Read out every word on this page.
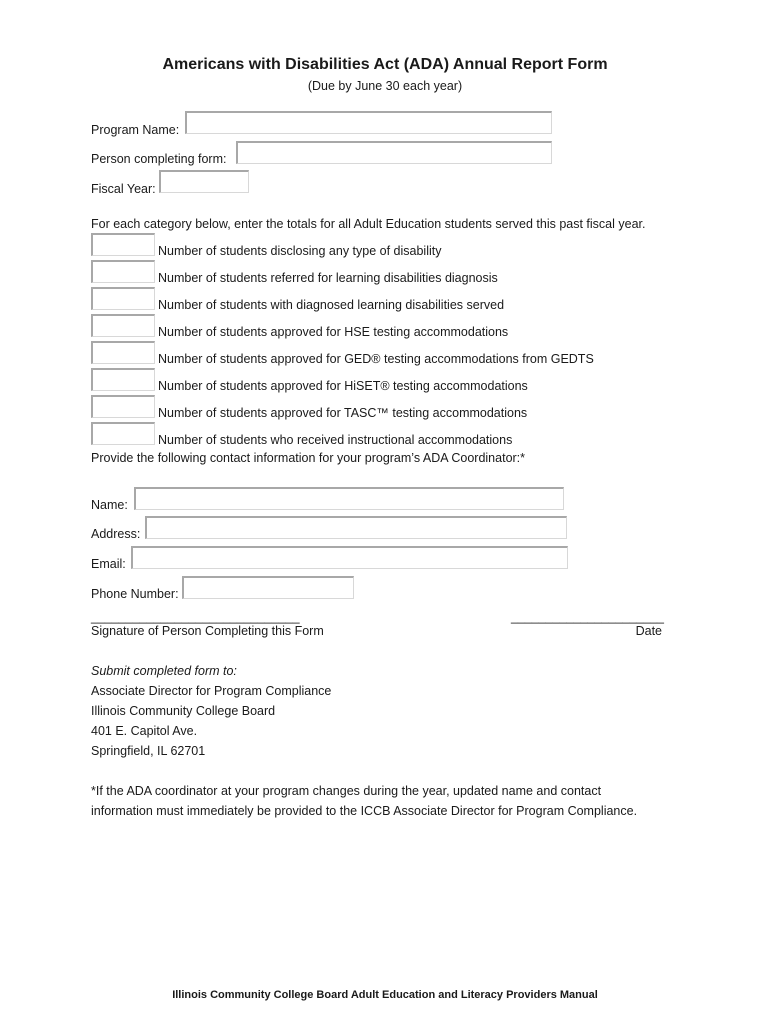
Americans with Disabilities Act (ADA) Annual Report Form
(Due by June 30 each year)
Program Name:
Person completing form:
Fiscal Year:
For each category below, enter the totals for all Adult Education students served this past fiscal year.
Number of students disclosing any type of disability
Number of students referred for learning disabilities diagnosis
Number of students with diagnosed learning disabilities served
Number of students approved for HSE testing accommodations
Number of students approved for GED® testing accommodations from GEDTS
Number of students approved for HiSET® testing accommodations
Number of students approved for TASC™ testing accommodations
Number of students who received instructional accommodations
Provide the following contact information for your program’s ADA Coordinator:*
Name:
Address:
Email:
Phone Number:
______________________________	______________________
Signature of Person Completing this Form	Date
Submit completed form to:
Associate Director for Program Compliance
Illinois Community College Board
401 E. Capitol Ave.
Springfield, IL 62701
*If the ADA coordinator at your program changes during the year, updated name and contact
information must immediately be provided to the ICCB Associate Director for Program Compliance.
Illinois Community College Board Adult Education and Literacy Providers Manual
